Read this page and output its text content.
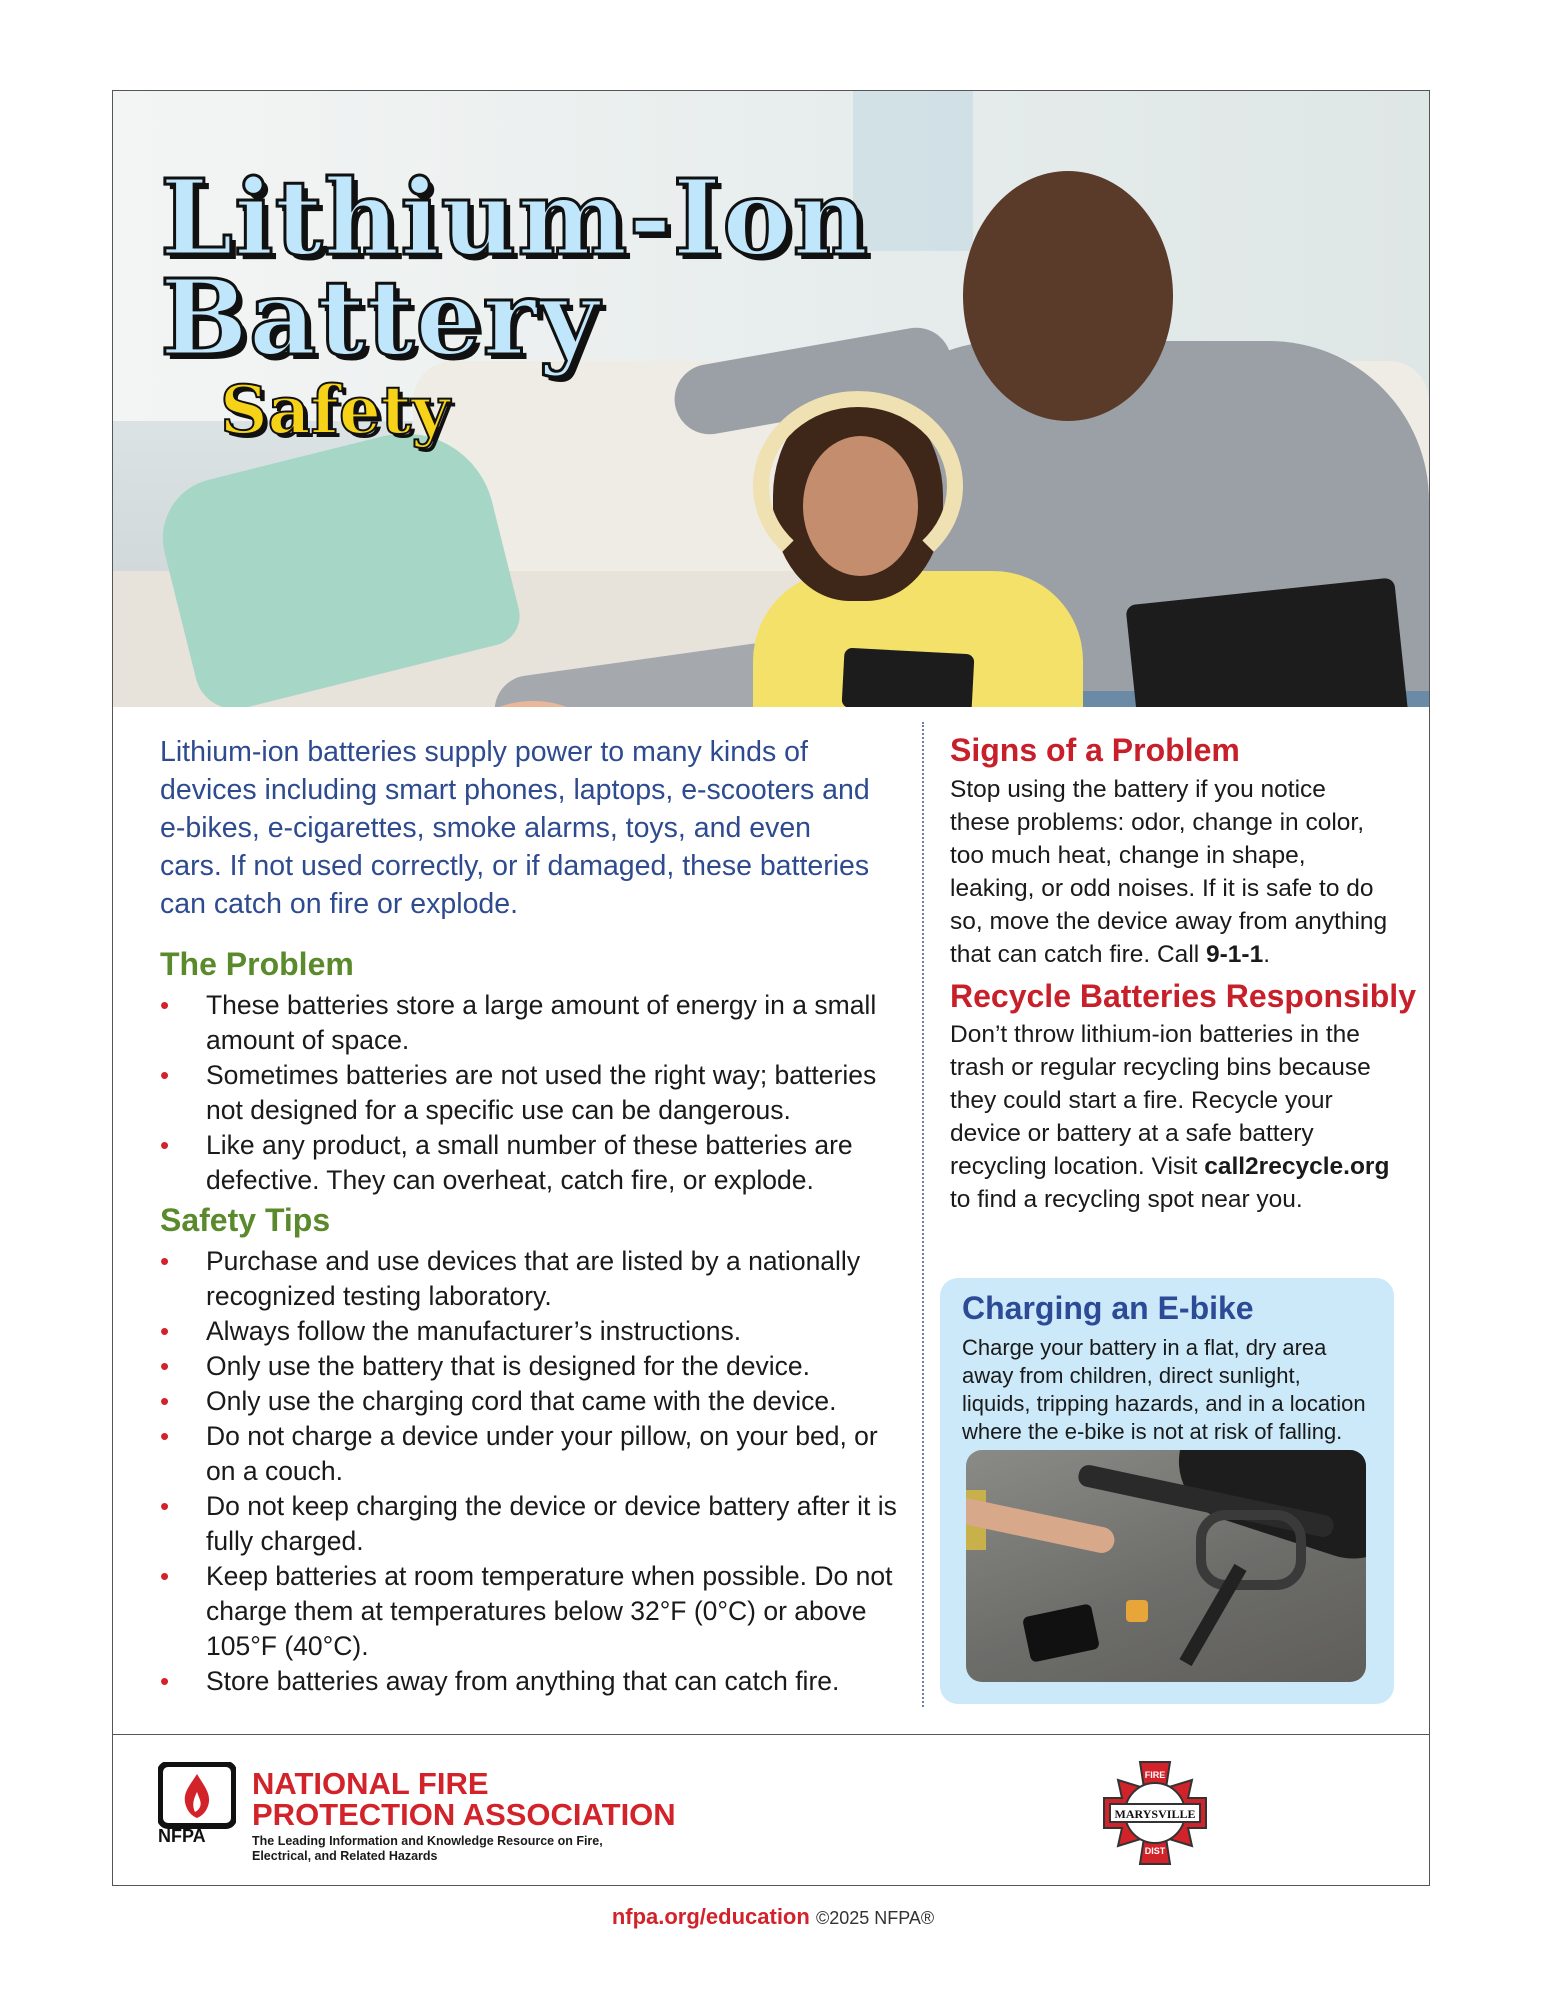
Lithium-Ion
Battery
Safety

Lithium-ion batteries supply power to many kinds of devices including smart phones, laptops, e-scooters and e-bikes, e-cigarettes, smoke alarms, toys, and even cars. If not used correctly, or if damaged, these batteries can catch on fire or explode.

The Problem
• These batteries store a large amount of energy in a small amount of space.
• Sometimes batteries are not used the right way; batteries not designed for a specific use can be dangerous.
• Like any product, a small number of these batteries are defective. They can overheat, catch fire, or explode.
Safety Tips
• Purchase and use devices that are listed by a nationally recognized testing laboratory.
• Always follow the manufacturer’s instructions.
• Only use the battery that is designed for the device.
• Only use the charging cord that came with the device.
• Do not charge a device under your pillow, on your bed, or on a couch.
• Do not keep charging the device or device battery after it is fully charged.
• Keep batteries at room temperature when possible. Do not charge them at temperatures below 32°F (0°C) or above 105°F (40°C).
• Store batteries away from anything that can catch fire.
Signs of a Problem

Stop using the battery if you notice these problems: odor, change in color, too much heat, change in shape, leaking, or odd noises. If it is safe to do so, move the device away from anything that can catch fire. Call 9-1-1.

Recycle Batteries Responsibly

Don’t throw lithium-ion batteries in the trash or regular recycling bins because they could start a fire. Recycle your device or battery at a safe battery recycling location. Visit call2recycle.org to find a recycling spot near you.

Charging an E-bike

Charge your battery in a flat, dry area away from children, direct sunlight, liquids, tripping hazards, and in a location where the e-bike is not at risk of falling.

NFPA

NATIONAL FIRE
PROTECTION ASSOCIATION

The Leading Information and Knowledge Resource on Fire, Electrical, and Related Hazards

MARYSVILLE
FIRE
DIST
nfpa.org/education ©2025 NFPA®
